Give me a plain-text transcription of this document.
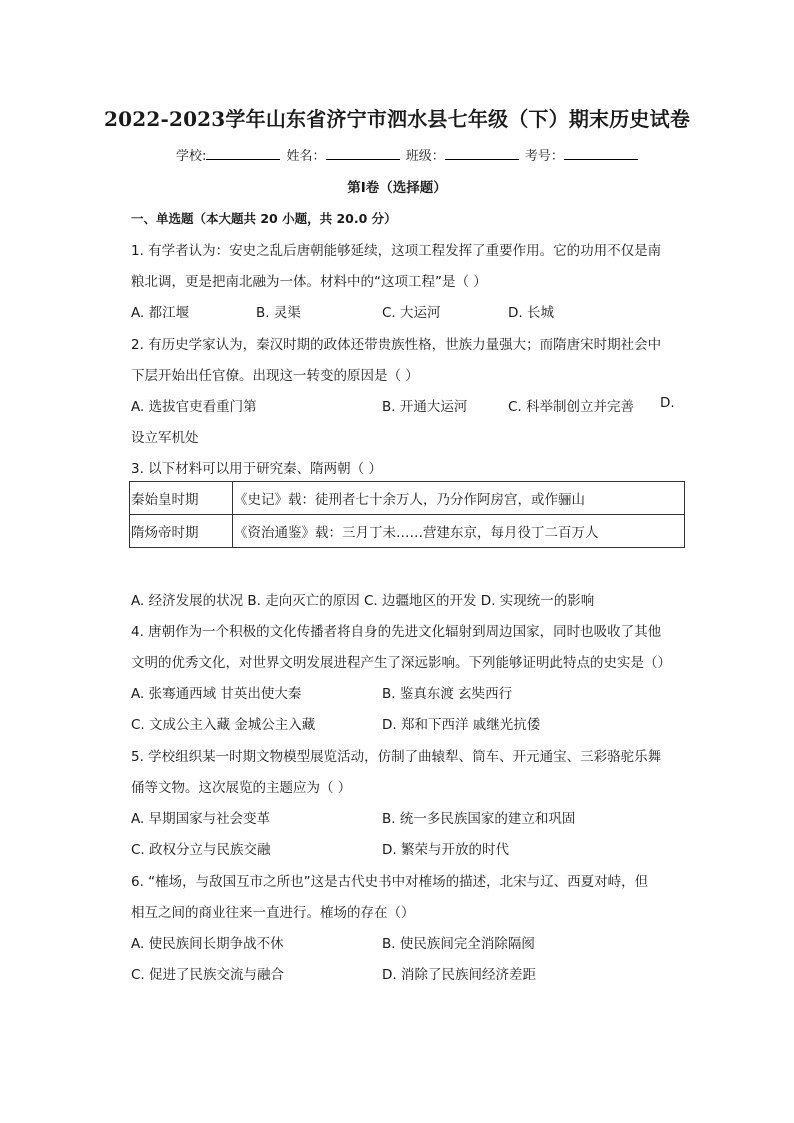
2022-2023学年山东省济宁市泗水县七年级（下）期末历史试卷
学校:	姓名：	班级：	考号：
第I卷（选择题）
一、单选题（本大题共 20 小题，共 20.0 分）
1. 有学者认为：安史之乱后唐朝能够延续，这项工程发挥了重要作用。它的功用不仅是南
粮北调，更是把南北融为一体。材料中的“这项工程”是（ ）
A. 都江堰	B. 灵渠	C. 大运河	D. 长城
2. 有历史学家认为，秦汉时期的政体还带贵族性格，世族力量强大；而隋唐宋时期社会中
下层开始出任官僚。出现这一转变的原因是（ ）
A. 选拔官吏看重门第	B. 开通大运河	C. 科举制创立并完善 D.
设立军机处
3. 以下材料可以用于研究秦、隋两朝（ ）
秦始皇时期	《史记》载：徒刑者七十余万人，乃分作阿房宫，或作骊山
隋炀帝时期	《资治通鉴》载：三月丁未……营建东京，每月役丁二百万人
A. 经济发展的状况 B. 走向灭亡的原因 C. 边疆地区的开发 D. 实现统一的影响
4. 唐朝作为一个积极的文化传播者将自身的先进文化辐射到周边国家，同时也吸收了其他
文明的优秀文化，对世界文明发展进程产生了深远影响。下列能够证明此特点的史实是（）
A. 张骞通西域 甘英出使大秦	B. 鉴真东渡 玄奘西行
C. 文成公主入藏 金城公主入藏	D. 郑和下西洋 戚继光抗倭
5. 学校组织某一时期文物模型展览活动，仿制了曲辕犁、筒车、开元通宝、三彩骆驼乐舞
俑等文物。这次展览的主题应为（ ）
A. 早期国家与社会变革	B. 统一多民族国家的建立和巩固
C. 政权分立与民族交融	D. 繁荣与开放的时代
6. “榷场，与敌国互市之所也”这是古代史书中对榷场的描述，北宋与辽、西夏对峙，但
相互之间的商业往来一直进行。榷场的存在（）
A. 使民族间长期争战不休	B. 使民族间完全消除隔阂
C. 促进了民族交流与融合	D. 消除了民族间经济差距
